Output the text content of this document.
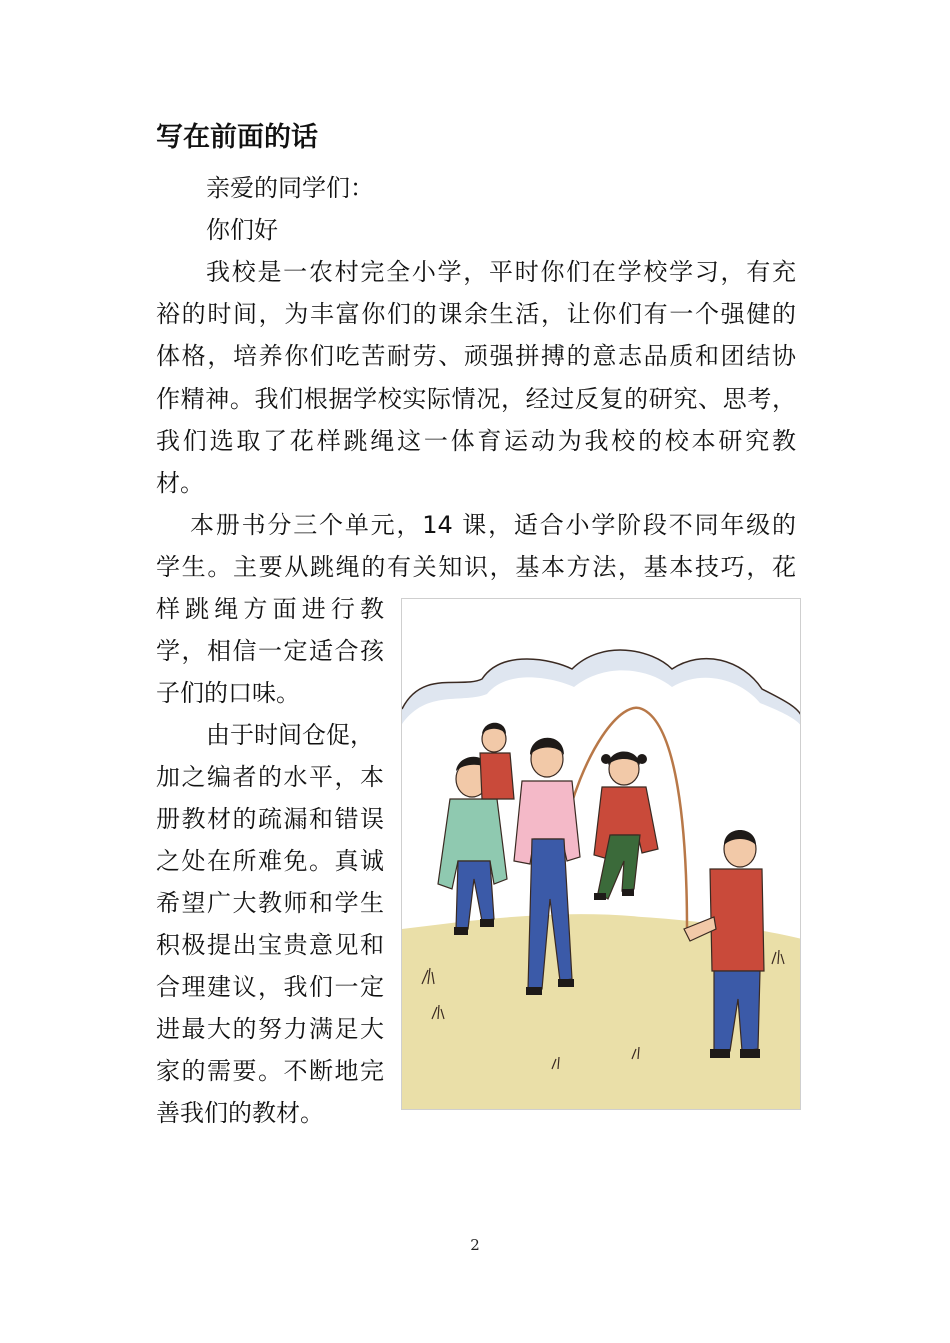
写在前面的话
亲爱的同学们：
你们好
我校是一农村完全小学，平时你们在学校学习，有充
裕的时间，为丰富你们的课余生活，让你们有一个强健的
体格，培养你们吃苦耐劳、顽强拼搏的意志品质和团结协
作精神。我们根据学校实际情况，经过反复的研究、思考，
我们选取了花样跳绳这一体育运动为我校的校本研究教
材。
本册书分三个单元，14 课，适合小学阶段不同年级的
学生。主要从跳绳的有关知识，基本方法，基本技巧，花
样跳绳方面进行教
学，相信一定适合孩
子们的口味。
由于时间仓促，
加之编者的水平，本
册教材的疏漏和错误
之处在所难免。真诚
希望广大教师和学生
积极提出宝贵意见和
合理建议，我们一定
进最大的努力满足大
家的需要。不断地完
善我们的教材。
2
